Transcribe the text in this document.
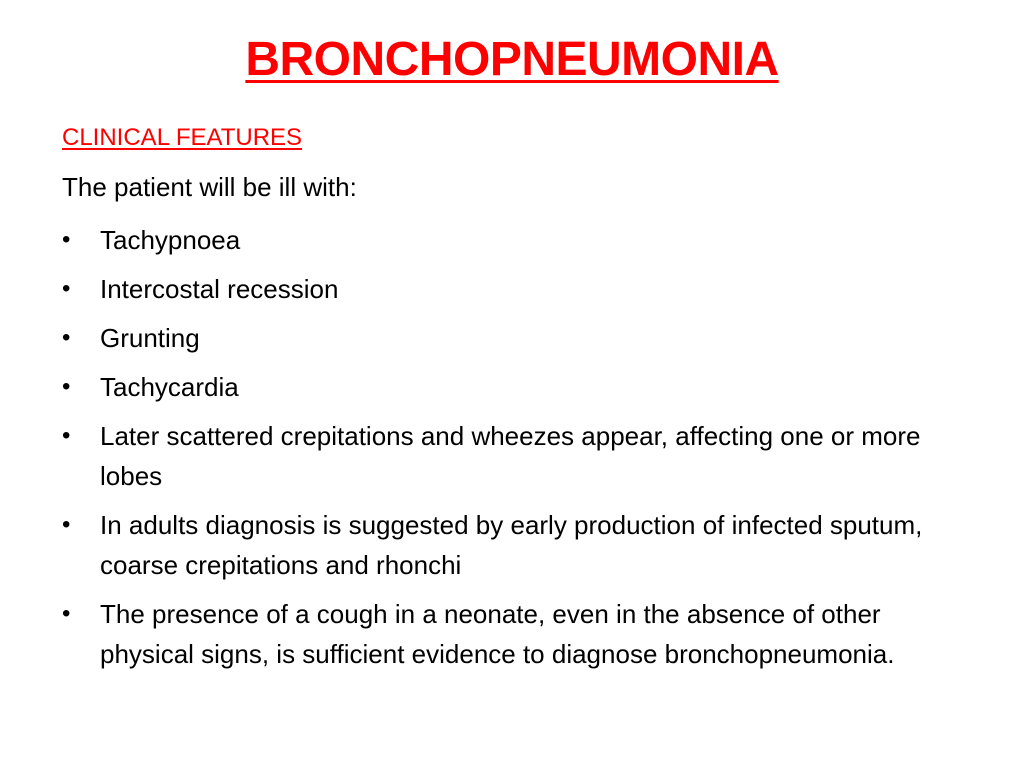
BRONCHOPNEUMONIA
CLINICAL FEATURES
The patient will be ill with:
• Tachypnoea
• Intercostal recession
• Grunting
• Tachycardia
• Later scattered crepitations and wheezes appear, affecting one or more lobes
• In adults diagnosis is suggested by early production of infected sputum, coarse crepitations and rhonchi
• The presence of a cough in a neonate, even in the absence of other physical signs, is sufficient evidence to diagnose bronchopneumonia.
